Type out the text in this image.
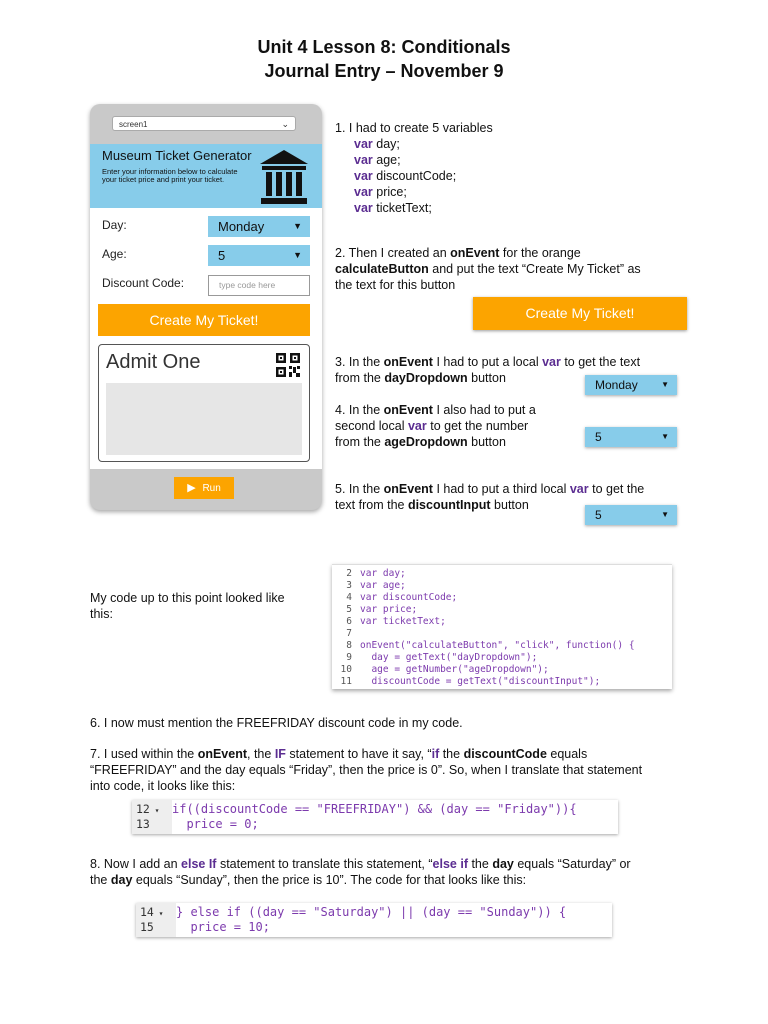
Unit 4 Lesson 8: Conditionals
Journal Entry – November 9
screen1	⌄
Museum Ticket Generator
Enter your information below to calculate your ticket price and print your ticket.
Day:	Monday	▼
Age:	5	▼
Discount Code:	type code here
Create My Ticket!
Admit One
▶ Run
1. I had to create 5 variables
var day;
var age;
var discountCode;
var price;
var ticketText;
2. Then I created an onEvent for the orange
calculateButton and put the text “Create My Ticket” as
the text for this button
Create My Ticket!
3. In the onEvent I had to put a local var to get the text
from the dayDropdown button	Monday	▼
4. In the onEvent I also had to put a
second local var to get the number
from the ageDropdown button	5	▼
5. In the onEvent I had to put a third local var to get the
text from the discountInput button
5	▼
My code up to this point looked like this:
2 var day;
3 var age;
4 var discountCode;
5 var price;
6 var ticketText;
7
8 onEvent("calculateButton", "click", function() {
9  day = getText("dayDropdown");
10  age = getNumber("ageDropdown");
11  discountCode = getText("discountInput");
6. I now must mention the FREEFRIDAY discount code in my code.
7. I used within the onEvent, the IF statement to have it say, “if the discountCode equals
“FREEFRIDAY” and the day equals “Friday”, then the price is 0”. So, when I translate that statement
into code, it looks like this:
12 ▾ if((discountCode == "FREEFRIDAY") && (day == "Friday")){
13  price = 0;
8. Now I add an else If statement to translate this statement, “else if the day equals “Saturday” or
the day equals “Sunday”, then the price is 10”. The code for that looks like this:
14 ▾ } else if ((day == "Saturday") || (day == "Sunday")) {
15  price = 10;
